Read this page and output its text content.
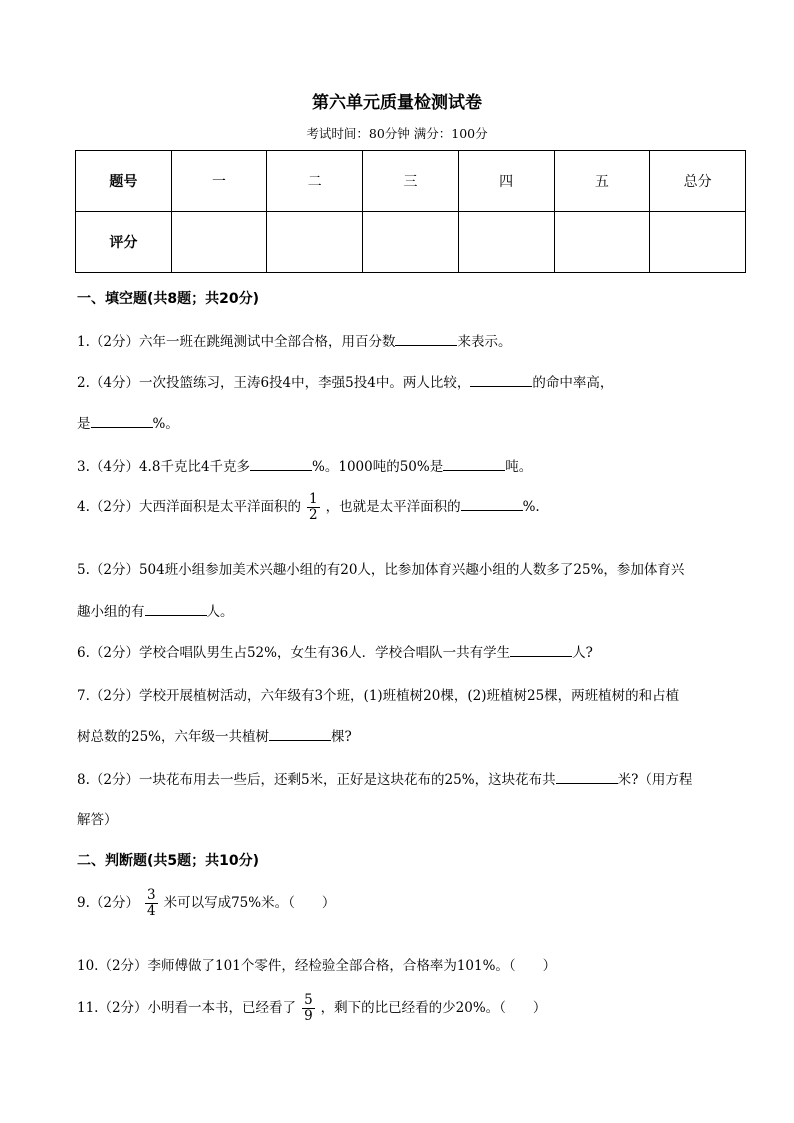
第六单元质量检测试卷
考试时间：80分钟 满分：100分
题号	一	二	三	四	五	总分
评分						
一、填空题(共8题；共20分)
1.（2分）六年一班在跳绳测试中全部合格，用百分数	来表示。
2.（4分）一次投篮练习，王涛6投4中，李强5投4中。两人比较，	的命中率高，
是	%。
3.（4分）4.8千克比4千克多	%。1000吨的50%是	吨。
4.（2分）大西洋面积是太平洋面积的 $\frac{1}{2}$ ，也就是太平洋面积的	%.
5.（2分）504班小组参加美术兴趣小组的有20人，比参加体育兴趣小组的人数多了25%，参加体育兴
趣小组的有	人。
6.（2分）学校合唱队男生占52%，女生有36人．学校合唱队一共有学生	人?
7.（2分）学校开展植树活动，六年级有3个班，(1)班植树20棵，(2)班植树25棵，两班植树的和占植
树总数的25%，六年级一共植树	棵?
8.（2分）一块花布用去一些后，还剩5米，正好是这块花布的25%，这块花布共	米?（用方程
解答）
二、判断题(共5题；共10分)
9.（2分） $\frac{3}{4}$ 米可以写成75%米。（　　）
10.（2分）李师傅做了101个零件，经检验全部合格，合格率为101%。（　　）
11.（2分）小明看一本书，已经看了 $\frac{5}{9}$ ，剩下的比已经看的少20%。（　　）
